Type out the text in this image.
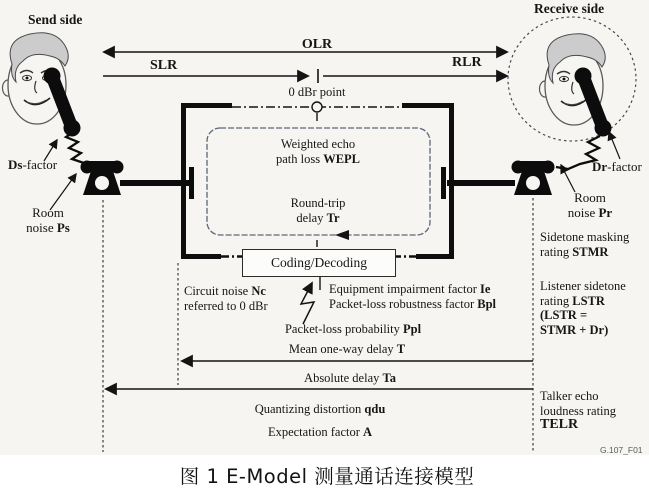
Send side
Receive side
OLR
SLR	RLR
0 dBr point
Weighted echo
path loss WEPL
Round-trip
delay Tr
Coding/Decoding
Circuit noise Nc
referred to 0 dBr
Equipment impairment factor Ie
Packet-loss robustness factor Bpl
Packet-loss probability Ppl
Mean one-way delay T
Absolute delay Ta
Quantizing distortion qdu
Expectation factor A
Ds-factor
Room
noise Ps
Dr-factor
Room
noise Pr
Sidetone masking
rating STMR
Listener sidetone
rating LSTR
(LSTR =
STMR + Dr)
Talker echo
loudness rating
TELR
G.107_F01
图 1 E-Model 测量通话连接模型
